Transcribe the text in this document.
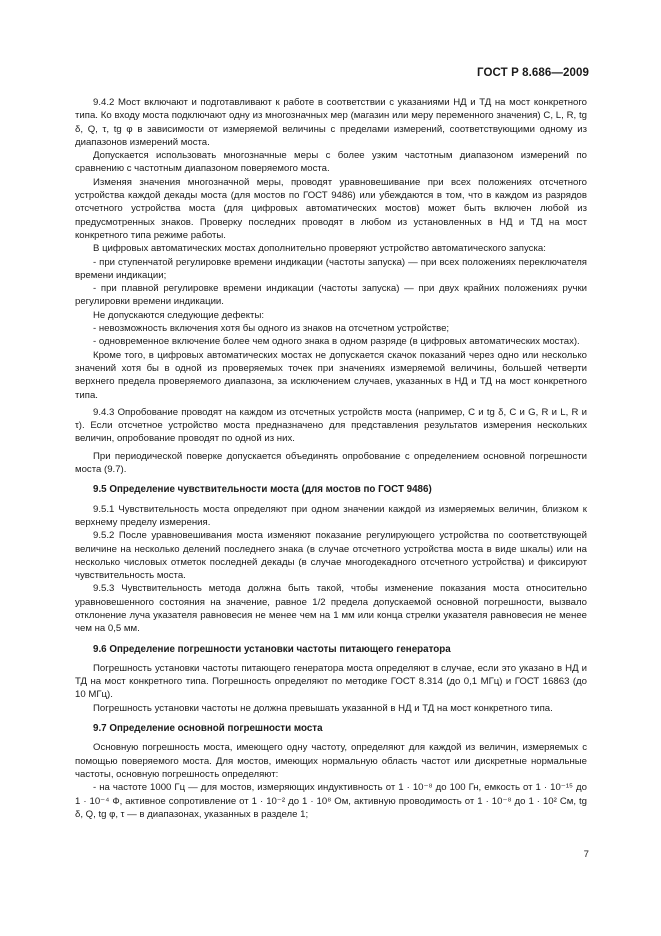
ГОСТ Р 8.686—2009

9.4.2 Мост включают и подготавливают к работе в соответствии с указаниями НД и ТД на мост конкретного типа. Ко входу моста подключают одну из многозначных мер (магазин или меру переменного значения) C, L, R, tg δ, Q, τ, tg φ в зависимости от измеряемой величины с пределами измерений, соответствующими одному из диапазонов измерений моста.

Допускается использовать многозначные меры с более узким частотным диапазоном измерений по сравнению с частотным диапазоном поверяемого моста.

Изменяя значения многозначной меры, проводят уравновешивание при всех положениях отсчетного устройства каждой декады моста (для мостов по ГОСТ 9486) или убеждаются в том, что в каждом из разрядов отсчетного устройства моста (для цифровых автоматических мостов) может быть включен любой из предусмотренных знаков. Проверку последних проводят в любом из установленных в НД и ТД на мост конкретного типа режиме работы.

В цифровых автоматических мостах дополнительно проверяют устройство автоматического запуска:

- при ступенчатой регулировке времени индикации (частоты запуска) — при всех положениях переключателя времени индикации;

- при плавной регулировке времени индикации (частоты запуска) — при двух крайних положениях ручки регулировки времени индикации.

Не допускаются следующие дефекты:

- невозможность включения хотя бы одного из знаков на отсчетном устройстве;

- одновременное включение более чем одного знака в одном разряде (в цифровых автоматических мостах).

Кроме того, в цифровых автоматических мостах не допускается скачок показаний через одно или несколько значений хотя бы в одной из проверяемых точек при значениях измеряемой величины, большей четверти верхнего предела проверяемого диапазона, за исключением случаев, указанных в НД и ТД на мост конкретного типа.

9.4.3 Опробование проводят на каждом из отсчетных устройств моста (например, C и tg δ, C и G, R и L, R и τ). Если отсчетное устройство моста предназначено для представления результатов измерения нескольких величин, опробование проводят по одной из них.

При периодической поверке допускается объединять опробование с определением основной погрешности моста (9.7).

9.5 Определение чувствительности моста (для мостов по ГОСТ 9486)

9.5.1 Чувствительность моста определяют при одном значении каждой из измеряемых величин, близком к верхнему пределу измерения.

9.5.2 После уравновешивания моста изменяют показание регулирующего устройства по соответствующей величине на несколько делений последнего знака (в случае отсчетного устройства моста в виде шкалы) или на несколько числовых отметок последней декады (в случае многодекадного отсчетного устройства) и фиксируют чувствительность моста.

9.5.3 Чувствительность метода должна быть такой, чтобы изменение показания моста относительно уравновешенного состояния на значение, равное 1/2 предела допускаемой основной погрешности, вызвало отклонение луча указателя равновесия не менее чем на 1 мм или конца стрелки указателя равновесия не менее чем на 0,5 мм.

9.6 Определение погрешности установки частоты питающего генератора

Погрешность установки частоты питающего генератора моста определяют в случае, если это указано в НД и ТД на мост конкретного типа. Погрешность определяют по методике ГОСТ 8.314 (до 0,1 МГц) и ГОСТ 16863 (до 10 МГц).

Погрешность установки частоты не должна превышать указанной в НД и ТД на мост конкретного типа.

9.7 Определение основной погрешности моста

Основную погрешность моста, имеющего одну частоту, определяют для каждой из величин, измеряемых с помощью поверяемого моста. Для мостов, имеющих нормальную область частот или дискретные нормальные частоты, основную погрешность определяют:

- на частоте 1000 Гц — для мостов, измеряющих индуктивность от 1 · 10⁻⁸ до 100 Гн, емкость от 1 · 10⁻¹⁵ до 1 · 10⁻⁴ Ф, активное сопротивление от 1 · 10⁻² до 1 · 10⁸ Ом, активную проводимость от 1 · 10⁻⁸ до 1 · 10² См, tg δ, Q, tg φ, τ — в диапазонах, указанных в разделе 1;

7
